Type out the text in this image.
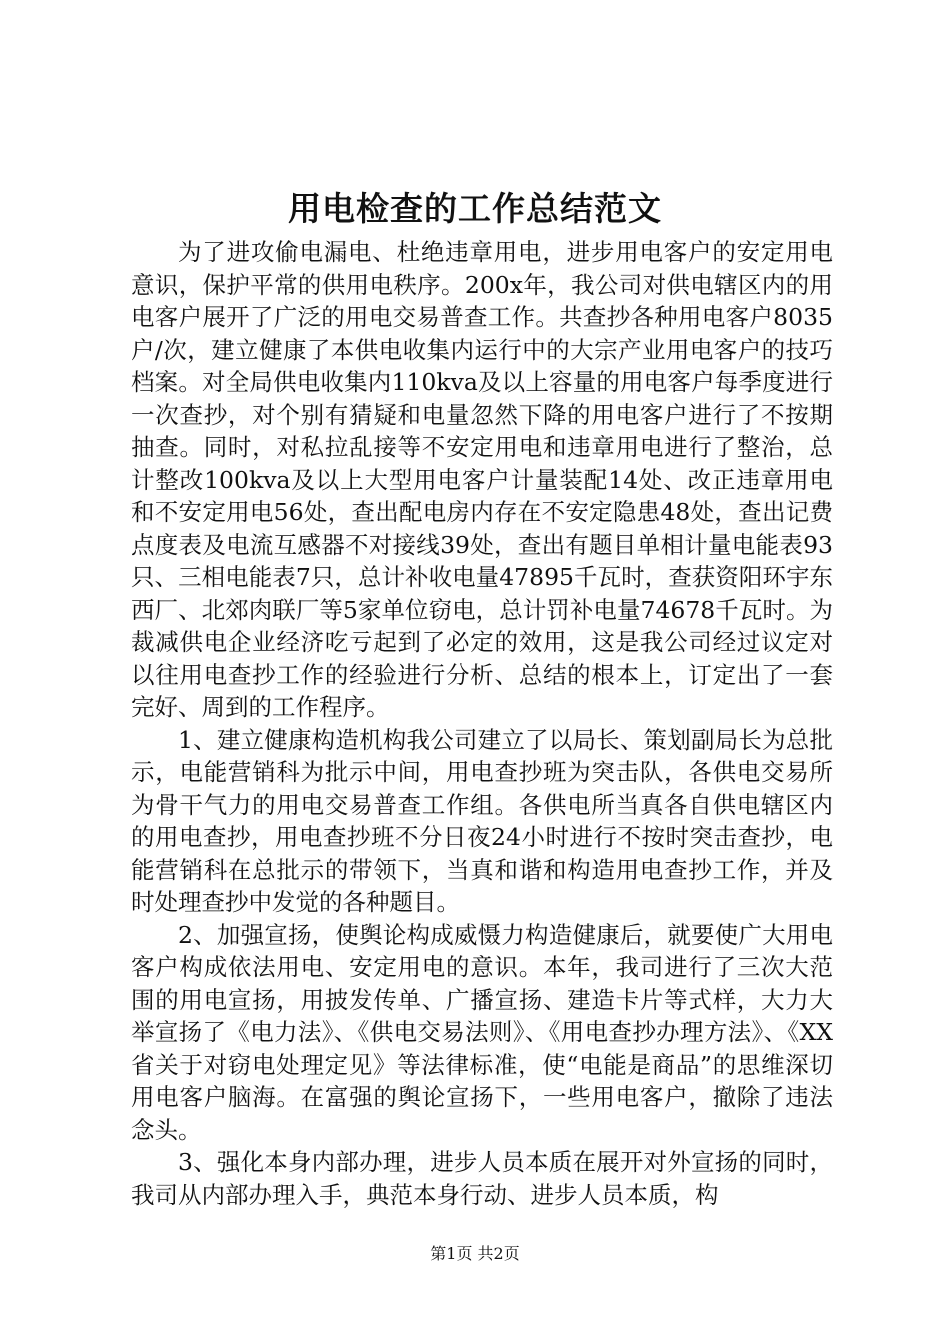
用电检查的工作总结范文

为了进攻偷电漏电、杜绝违章用电，进步用电客户的安定用电意识，保护平常的供用电秩序。200x年，我公司对供电辖区内的用电客户展开了广泛的用电交易普查工作。共查抄各种用电客户8035户/次，建立健康了本供电收集内运行中的大宗产业用电客户的技巧档案。对全局供电收集内110kva及以上容量的用电客户每季度进行一次查抄，对个别有猜疑和电量忽然下降的用电客户进行了不按期抽查。同时，对私拉乱接等不安定用电和违章用电进行了整治，总计整改100kva及以上大型用电客户计量装配14处、改正违章用电和不安定用电56处，查出配电房内存在不安定隐患48处，查出记费点度表及电流互感器不对接线39处，查出有题目单相计量电能表93只、三相电能表7只，总计补收电量47895千瓦时，查获资阳环宇东西厂、北郊肉联厂等5家单位窃电，总计罚补电量74678千瓦时。为裁减供电企业经济吃亏起到了必定的效用，这是我公司经过议定对以往用电查抄工作的经验进行分析、总结的根本上，订定出了一套完好、周到的工作程序。

1、建立健康构造机构我公司建立了以局长、策划副局长为总批示，电能营销科为批示中间，用电查抄班为突击队，各供电交易所为骨干气力的用电交易普查工作组。各供电所当真各自供电辖区内的用电查抄，用电查抄班不分日夜24小时进行不按时突击查抄，电能营销科在总批示的带领下，当真和谐和构造用电查抄工作，并及时处理查抄中发觉的各种题目。

2、加强宣扬，使舆论构成威慑力构造健康后，就要使广大用电客户构成依法用电、安定用电的意识。本年，我司进行了三次大范围的用电宣扬，用披发传单、广播宣扬、建造卡片等式样，大力大举宣扬了《电力法》、《供电交易法则》、《用电查抄办理方法》、《XX省关于对窃电处理定见》等法律标准，使“电能是商品”的思维深切用电客户脑海。在富强的舆论宣扬下，一些用电客户，撤除了违法念头。

3、强化本身内部办理，进步人员本质在展开对外宣扬的同时，我司从内部办理入手，典范本身行动、进步人员本质，构

第1页 共2页
